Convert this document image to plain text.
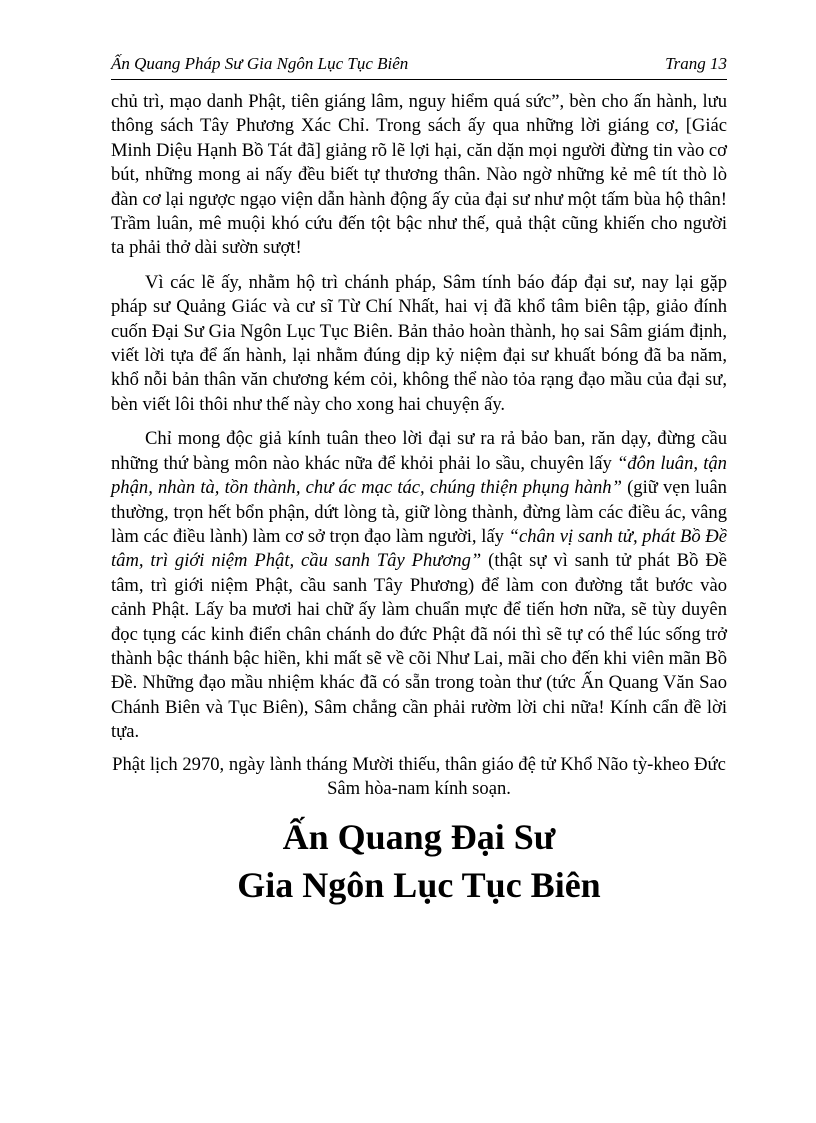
Ấn Quang Pháp Sư Gia Ngôn Lục Tục Biên	Trang 13

chủ trì, mạo danh Phật, tiên giáng lâm, nguy hiểm quá sức”, bèn cho ấn hành, lưu thông sách Tây Phương Xác Chỉ. Trong sách ấy qua những lời giáng cơ, [Giác Minh Diệu Hạnh Bồ Tát đã] giảng rõ lẽ lợi hại, căn dặn mọi người đừng tin vào cơ bút, những mong ai nấy đều biết tự thương thân. Nào ngờ những kẻ mê tít thò lò đàn cơ lại ngược ngạo viện dẫn hành động ấy của đại sư như một tấm bùa hộ thân! Trầm luân, mê muội khó cứu đến tột bậc như thế, quả thật cũng khiến cho người ta phải thở dài sườn sượt!

Vì các lẽ ấy, nhằm hộ trì chánh pháp, Sâm tính báo đáp đại sư, nay lại gặp pháp sư Quảng Giác và cư sĩ Từ Chí Nhất, hai vị đã khổ tâm biên tập, giảo đính cuốn Đại Sư Gia Ngôn Lục Tục Biên. Bản thảo hoàn thành, họ sai Sâm giám định, viết lời tựa để ấn hành, lại nhằm đúng dịp kỷ niệm đại sư khuất bóng đã ba năm, khổ nỗi bản thân văn chương kém cỏi, không thể nào tỏa rạng đạo mầu của đại sư, bèn viết lôi thôi như thế này cho xong hai chuyện ấy.

Chỉ mong độc giả kính tuân theo lời đại sư ra rả bảo ban, răn dạy, đừng cầu những thứ bàng môn nào khác nữa để khỏi phải lo sầu, chuyên lấy “đôn luân, tận phận, nhàn tà, tồn thành, chư ác mạc tác, chúng thiện phụng hành” (giữ vẹn luân thường, trọn hết bổn phận, dứt lòng tà, giữ lòng thành, đừng làm các điều ác, vâng làm các điều lành) làm cơ sở trọn đạo làm người, lấy “chân vị sanh tử, phát Bồ Đề tâm, trì giới niệm Phật, cầu sanh Tây Phương” (thật sự vì sanh tử phát Bồ Đề tâm, trì giới niệm Phật, cầu sanh Tây Phương) để làm con đường tắt bước vào cảnh Phật. Lấy ba mươi hai chữ ấy làm chuẩn mực để tiến hơn nữa, sẽ tùy duyên đọc tụng các kinh điển chân chánh do đức Phật đã nói thì sẽ tự có thể lúc sống trở thành bậc thánh bậc hiền, khi mất sẽ về cõi Như Lai, mãi cho đến khi viên mãn Bồ Đề. Những đạo mầu nhiệm khác đã có sẵn trong toàn thư (tức Ấn Quang Văn Sao Chánh Biên và Tục Biên), Sâm chẳng cần phải rườm lời chi nữa! Kính cẩn đề lời tựa.

Phật lịch 2970, ngày lành tháng Mười thiếu, thân giáo đệ tử Khổ Não tỳ-kheo Đức Sâm hòa-nam kính soạn.
Ấn Quang Đại Sư
Gia Ngôn Lục Tục Biên
